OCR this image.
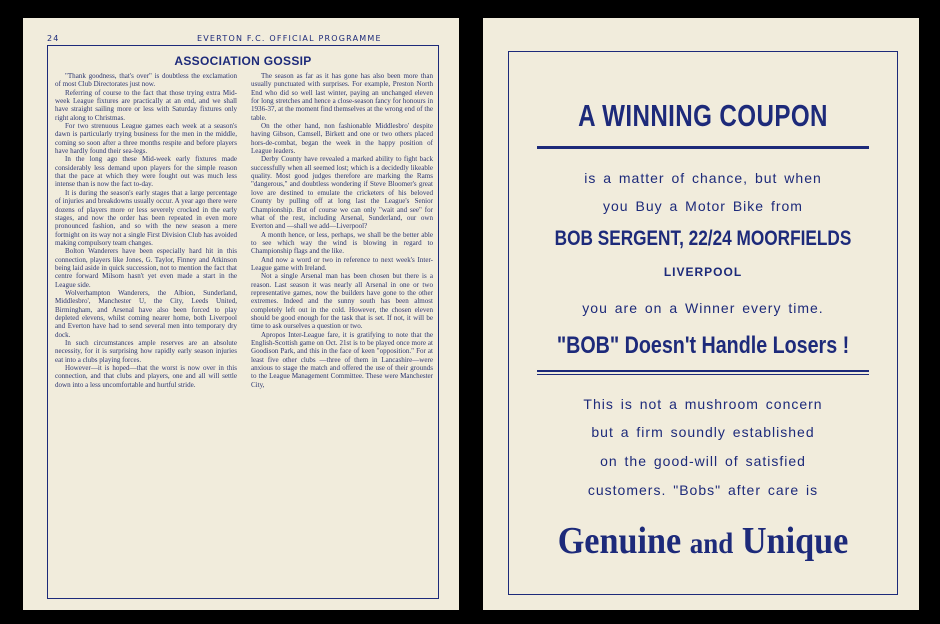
24	EVERTON F.C. OFFICIAL PROGRAMME
ASSOCIATION GOSSIP

"Thank goodness, that's over" is doubtless the exclamation of most Club Directorates just now.

Referring of course to the fact that those trying extra Mid-week League fixtures are practically at an end, and we shall have straight sailing more or less with Saturday fixtures only right along to Christmas.

For two strenuous League games each week at a season's dawn is particularly trying business for the men in the middle, coming so soon after a three months respite and before players have hardly found their sea-legs.

In the long ago these Mid-week early fixtures made considerably less demand upon players for the simple reason that the pace at which they were fought out was much less intense than is now the fact to-day.

It is during the season's early stages that a large percentage of injuries and breakdowns usually occur. A year ago there were dozens of players more or less severely crocked in the early stages, and now the order has been repeated in even more pronounced fashion, and so with the new season a mere fortnight on its way not a single First Division Club has avoided making compulsory team changes.

Bolton Wanderers have been especially hard hit in this connection, players like Jones, G. Taylor, Finney and Atkinson being laid aside in quick succession, not to mention the fact that centre forward Milsom hasn't yet even made a start in the League side.

Wolverhampton Wanderers, the Albion, Sunderland, Middlesbro', Manchester U, the City, Leeds United, Birmingham, and Arsenal have also been forced to play depleted elevens, whilst coming nearer home, both Liverpool and Everton have had to send several men into temporary dry dock.

In such circumstances ample reserves are an absolute necessity, for it is surprising how rapidly early season injuries eat into a clubs playing forces.

However—it is hoped—that the worst is now over in this connection, and that clubs and players, one and all will settle down into a less uncomfortable and hurtful stride.

The season as far as it has gone has also been more than usually punctuated with surprises. For example, Preston North End who did so well last winter, paying an unchanged eleven for long stretches and hence a close-season fancy for honours in 1936-37, at the moment find themselves at the wrong end of the table.

On the other hand, non fashionable Middlesbro' despite having Gibson, Camsell, Birkett and one or two others placed hors-de-combat, began the week in the happy position of League leaders.

Derby County have revealed a marked ability to fight back successfully when all seemed lost; which is a decidedly likeable quality. Most good judges therefore are marking the Rams "dangerous," and doubtless wondering if Steve Bloomer's great love are destined to emulate the cricketers of his beloved County by pulling off at long last the League's Senior Championship. But of course we can only "wait and see" for what of the rest, including Arsenal, Sunderland, our own Everton and —shall we add—Liverpool?

A month hence, or less, perhaps, we shall be the better able to see which way the wind is blowing in regard to Championship flags and the like.

And now a word or two in reference to next week's Inter-League game with Ireland.

Not a single Arsenal man has been chosen but there is a reason. Last season it was nearly all Arsenal in one or two representative games, now the builders have gone to the other extremes. Indeed and the sunny south has been almost completely left out in the cold. However, the chosen eleven should be good enough for the task that is set. If not, it will be time to ask ourselves a question or two.

Apropos Inter-League fare, it is gratifying to note that the English-Scottish game on Oct. 21st is to be played once more at Goodison Park, and this in the face of keen "opposition." For at least five other clubs —three of them in Lancashire—were anxious to stage the match and offered the use of their grounds to the League Management Committee. These were Manchester City,

A WINNING COUPON
is a matter of chance, but when
you Buy a Motor Bike from
BOB SERGENT, 22/24 MOORFIELDS
LIVERPOOL
you are on a Winner every time.
"BOB" Doesn't Handle Losers !
This is not a mushroom concern
but a firm soundly established
on the good-will of satisfied
customers. "Bobs" after care is
Genuine and Unique
